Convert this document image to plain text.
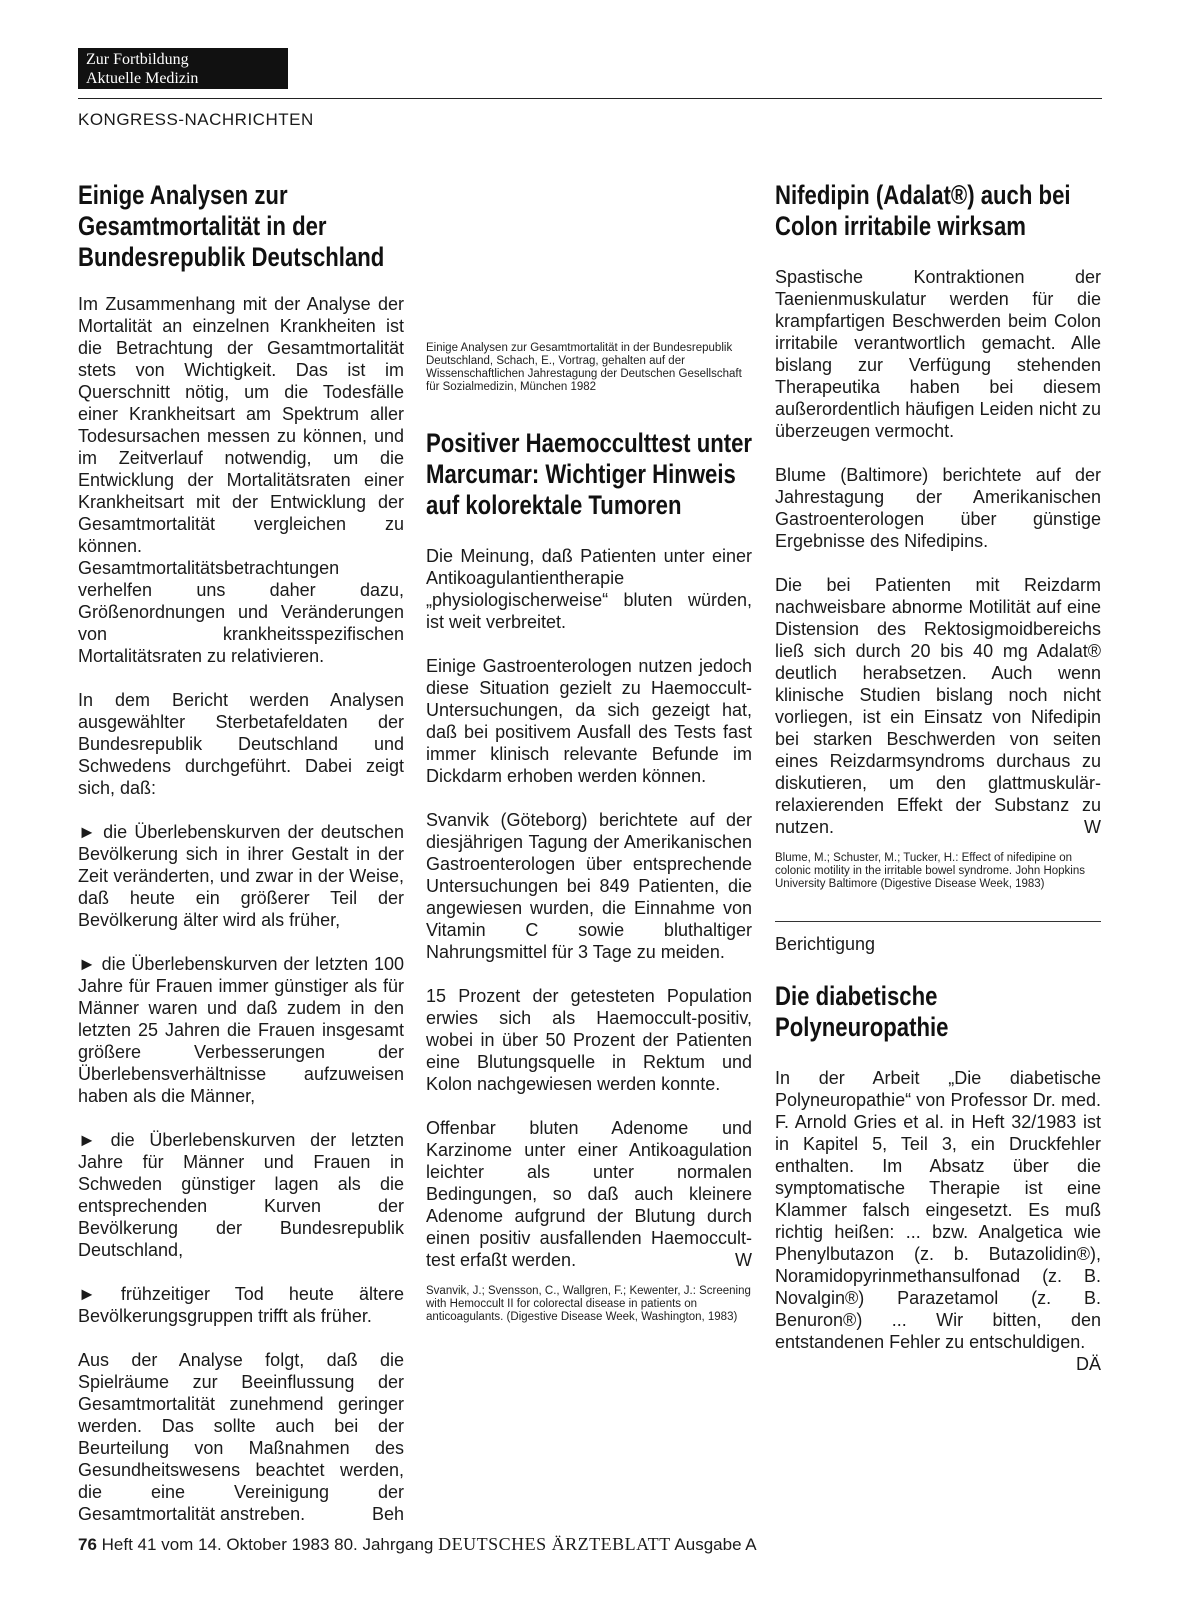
Zur Fortbildung
Aktuelle Medizin
KONGRESS-NACHRICHTEN
Einige Analysen zur Gesamtmortalität in der Bundesrepublik Deutschland

Im Zusammenhang mit der Analyse der Mortalität an einzelnen Krankheiten ist die Betrachtung der Gesamtmortalität stets von Wichtigkeit. Das ist im Querschnitt nötig, um die Todesfälle einer Krankheitsart am Spektrum aller Todesursachen messen zu können, und im Zeitverlauf notwendig, um die Entwicklung der Mortalitätsraten einer Krankheitsart mit der Entwicklung der Gesamtmortalität vergleichen zu können. Gesamtmortalitätsbetrachtungen verhelfen uns daher dazu, Größenordnungen und Veränderungen von krankheitsspezifischen Mortalitätsraten zu relativieren.

In dem Bericht werden Analysen ausgewählter Sterbetafeldaten der Bundesrepublik Deutschland und Schwedens durchgeführt. Dabei zeigt sich, daß:

► die Überlebenskurven der deutschen Bevölkerung sich in ihrer Gestalt in der Zeit veränderten, und zwar in der Weise, daß heute ein größerer Teil der Bevölkerung älter wird als früher,

► die Überlebenskurven der letzten 100 Jahre für Frauen immer günstiger als für Männer waren und daß zudem in den letzten 25 Jahren die Frauen insgesamt größere Verbesserungen der Überlebensverhältnisse aufzuweisen haben als die Männer,

► die Überlebenskurven der letzten Jahre für Männer und Frauen in Schweden günstiger lagen als die entsprechenden Kurven der Bevölkerung der Bundesrepublik Deutschland,

► frühzeitiger Tod heute ältere Bevölkerungsgruppen trifft als früher.

Aus der Analyse folgt, daß die Spielräume zur Beeinflussung der Gesamtmortalität zunehmend geringer werden. Das sollte auch bei der Beurteilung von Maßnahmen des Gesundheitswesens beachtet werden, die eine Vereinigung der Gesamtmortalität anstreben.	Beh

Einige Analysen zur Gesamtmortalität in der Bundesrepublik Deutschland, Schach, E., Vortrag, gehalten auf der Wissenschaftlichen Jahrestagung der Deutschen Gesellschaft für Sozialmedizin, München 1982

Positiver Haemocculttest unter Marcumar: Wichtiger Hinweis auf kolorektale Tumoren

Die Meinung, daß Patienten unter einer Antikoagulantientherapie „physiologischerweise“ bluten würden, ist weit verbreitet.

Einige Gastroenterologen nutzen jedoch diese Situation gezielt zu Haemoccult-Untersuchungen, da sich gezeigt hat, daß bei positivem Ausfall des Tests fast immer klinisch relevante Befunde im Dickdarm erhoben werden können.

Svanvik (Göteborg) berichtete auf der diesjährigen Tagung der Amerikanischen Gastroenterologen über entsprechende Untersuchungen bei 849 Patienten, die angewiesen wurden, die Einnahme von Vitamin C sowie bluthaltiger Nahrungsmittel für 3 Tage zu meiden.

15 Prozent der getesteten Population erwies sich als Haemoccult-positiv, wobei in über 50 Prozent der Patienten eine Blutungsquelle in Rektum und Kolon nachgewiesen werden konnte.

Offenbar bluten Adenome und Karzinome unter einer Antikoagulation leichter als unter normalen Bedingungen, so daß auch kleinere Adenome aufgrund der Blutung durch einen positiv ausfallenden Haemocculttest erfaßt werden.	W

Svanvik, J.; Svensson, C., Wallgren, F.; Kewenter, J.: Screening with Hemoccult II for colorectal disease in patients on anticoagulants. (Digestive Disease Week, Washington, 1983)

Nifedipin (Adalat®) auch bei Colon irritabile wirksam

Spastische Kontraktionen der Taenienmuskulatur werden für die krampfartigen Beschwerden beim Colon irritabile verantwortlich gemacht. Alle bislang zur Verfügung stehenden Therapeutika haben bei diesem außerordentlich häufigen Leiden nicht zu überzeugen vermocht.

Blume (Baltimore) berichtete auf der Jahrestagung der Amerikanischen Gastroenterologen über günstige Ergebnisse des Nifedipins.

Die bei Patienten mit Reizdarm nachweisbare abnorme Motilität auf eine Distension des Rektosigmoidbereichs ließ sich durch 20 bis 40 mg Adalat® deutlich herabsetzen. Auch wenn klinische Studien bislang noch nicht vorliegen, ist ein Einsatz von Nifedipin bei starken Beschwerden von seiten eines Reizdarmsyndroms durchaus zu diskutieren, um den glattmuskulär-relaxierenden Effekt der Substanz zu nutzen.	W

Blume, M.; Schuster, M.; Tucker, H.: Effect of nifedipine on colonic motility in the irritable bowel syndrome. John Hopkins University Baltimore (Digestive Disease Week, 1983)

Berichtigung
Die diabetische Polyneuropathie

In der Arbeit „Die diabetische Polyneuropathie“ von Professor Dr. med. F. Arnold Gries et al. in Heft 32/1983 ist in Kapitel 5, Teil 3, ein Druckfehler enthalten. Im Absatz über die symptomatische Therapie ist eine Klammer falsch eingesetzt. Es muß richtig heißen: ... bzw. Analgetica wie Phenylbutazon (z. b. Butazolidin®), Noramidopyrinmethansulfonad (z. B. Novalgin®) Parazetamol (z. B. Benuron®) ... Wir bitten, den entstandenen Fehler zu entschuldigen.
DÄ

76 Heft 41 vom 14. Oktober 1983 80. Jahrgang DEUTSCHES ÄRZTEBLATT Ausgabe A
